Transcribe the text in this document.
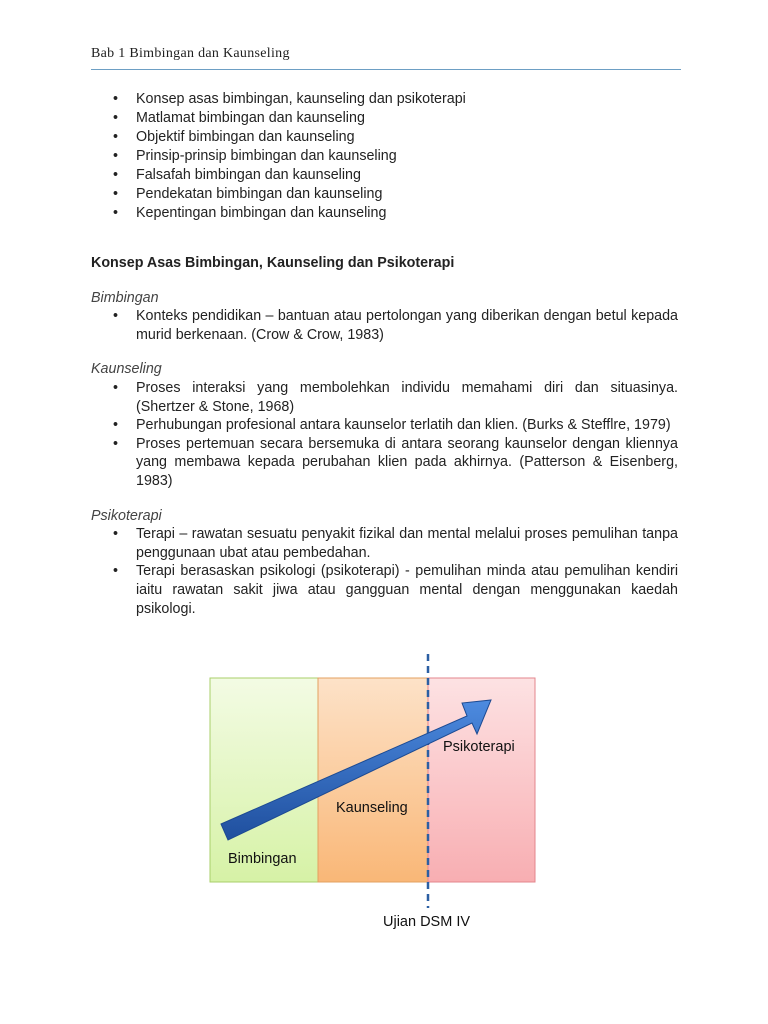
Bab 1 Bimbingan dan Kaunseling
• Konsep asas bimbingan, kaunseling dan psikoterapi
• Matlamat bimbingan dan kaunseling
• Objektif bimbingan dan kaunseling
• Prinsip-prinsip bimbingan dan kaunseling
• Falsafah bimbingan dan kaunseling
• Pendekatan bimbingan dan kaunseling
• Kepentingan bimbingan dan kaunseling
Konsep Asas Bimbingan, Kaunseling dan Psikoterapi
Bimbingan
• Konteks pendidikan – bantuan atau pertolongan yang diberikan dengan betul kepada murid berkenaan. (Crow & Crow, 1983)
Kaunseling
• Proses interaksi yang membolehkan individu memahami diri dan situasinya. (Shertzer & Stone, 1968)
• Perhubungan profesional antara kaunselor terlatih dan klien. (Burks & Stefflre, 1979)
• Proses pertemuan secara bersemuka di antara seorang kaunselor dengan kliennya yang membawa kepada perubahan klien pada akhirnya. (Patterson & Eisenberg, 1983)
Psikoterapi
• Terapi – rawatan sesuatu penyakit fizikal dan mental melalui proses pemulihan tanpa penggunaan ubat atau pembedahan.
• Terapi berasaskan psikologi (psikoterapi) - pemulihan minda atau pemulihan kendiri iaitu rawatan sakit jiwa atau gangguan mental dengan menggunakan kaedah psikologi.
Bimbingan
Kaunseling
Psikoterapi
Ujian DSM IV
